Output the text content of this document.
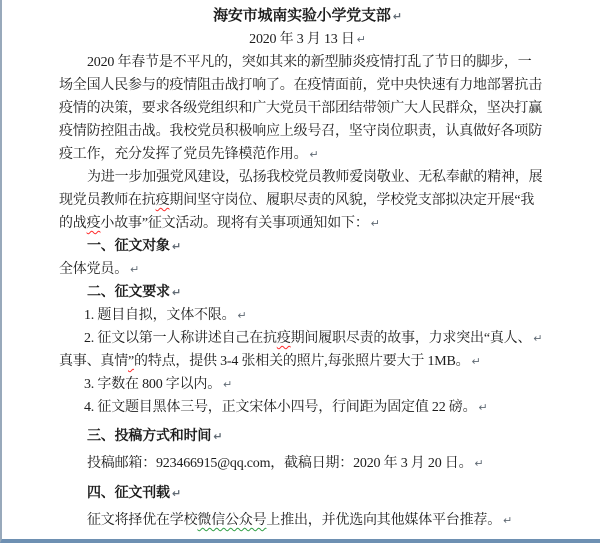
海安市城南实验小学党支部 ↵
2020 年 3 月 13 日 ↵
2020 年春节是不平凡的，突如其来的新型肺炎疫情打乱了节日的脚步，一
场全国人民参与的疫情阻击战打响了。在疫情面前，党中央快速有力地部署抗击
疫情的决策，要求各级党组织和广大党员干部团结带领广大人民群众，坚决打赢
疫情防控阻击战。我校党员积极响应上级号召，坚守岗位职责，认真做好各项防
疫工作，充分发挥了党员先锋模范作用。 ↵
为进一步加强党风建设，弘扬我校党员教师爱岗敬业、无私奉献的精神，展
现党员教师在抗疫期间坚守岗位、履职尽责的风貌，学校党支部拟决定开展“我
的战疫小故事”征文活动。现将有关事项通知如下： ↵
一、征文对象 ↵
全体党员。 ↵
二、征文要求 ↵
1. 题目自拟，文体不限。 ↵
2. 征文以第一人称讲述自己在抗疫期间履职尽责的故事，力求突出“真人、 ↵
真事、真情”的特点，提供 3-4 张相关的照片,每张照片要大于 1MB。 ↵
3. 字数在 800 字以内。 ↵
4. 征文题目黑体三号，正文宋体小四号，行间距为固定值 22 磅。 ↵
三、投稿方式和时间 ↵
投稿邮箱：923466915@qq.com，截稿日期：2020 年 3 月 20 日。 ↵
四、征文刊载 ↵
征文将择优在学校微信公众号上推出，并优选向其他媒体平台推荐。 ↵
